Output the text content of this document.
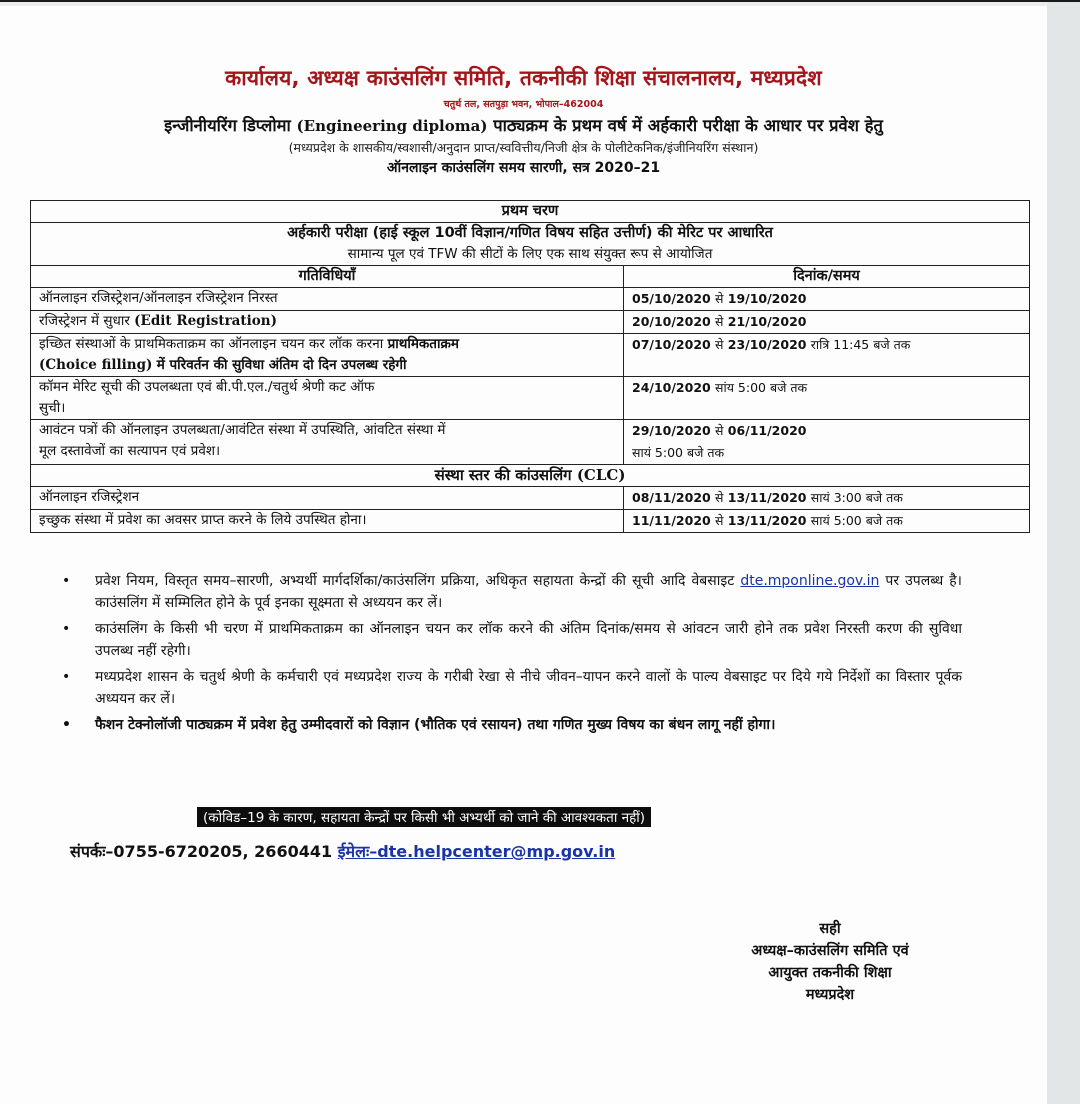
कार्यालय, अध्यक्ष काउंसलिंग समिति, तकनीकी शिक्षा संचालनालय, मध्यप्रदेश
चतुर्थ तल, सतपुड़ा भवन, भोपाल–462004
इन्जीनीयरिंग डिप्लोमा (Engineering diploma) पाठ्यक्रम के प्रथम वर्ष में अर्हकारी परीक्षा के आधार पर प्रवेश हेतु
(मध्यप्रदेश के शासकीय/स्वशासी/अनुदान प्राप्त/स्ववित्तीय/निजी क्षेत्र के पोलीटेकनिक/इंजीनियरिंग संस्थान)
ऑनलाइन काउंसलिंग समय सारणी, सत्र 2020–21
प्रथम चरण	

अर्हकारी परीक्षा (हाई स्कूल 10वीं विज्ञान/गणित विषय सहित उत्तीर्ण) की मेरिट पर आधारित
सामान्य पूल एवं TFW की सीटों के लिए एक साथ संयुक्त रूप से आयोजित	

गतिविधियॉं	दिनांक/समय
ऑनलाइन रजिस्ट्रेशन/ऑनलाइन रजिस्ट्रेशन निरस्त	05/10/2020 से 19/10/2020
रजिस्ट्रेशन में सुधार (Edit Registration)	20/10/2020 से 21/10/2020
इच्छित संस्थाओं के प्राथमिकताक्रम का ऑनलाइन चयन कर लॉक करना प्राथमिकताक्रम
(Choice filling) में परिवर्तन की सुविधा अंतिम दो दिन उपलब्ध रहेगी	07/10/2020 से 23/10/2020 रात्रि 11:45 बजे तक
कॉमन मेरिट सूची की उपलब्धता एवं बी.पी.एल./चतुर्थ श्रेणी कट ऑफ
सुची।	24/10/2020 सांय 5:00 बजे तक
आवंटन पत्रों की ऑनलाइन उपलब्धता/आवंटित संस्था में उपस्थिति, आंवटित संस्था में
मूल दस्तावेजों का सत्यापन एवं प्रवेश।	29/10/2020 से 06/11/2020
सायं 5:00 बजे तक
संस्था स्तर की कांउसलिंग (CLC)	
ऑनलाइन रजिस्ट्रेशन	08/11/2020 से 13/11/2020 सायं 3:00 बजे तक
इच्छुक संस्था में प्रवेश का अवसर प्राप्त करने के लिये उपस्थित होना।	11/11/2020 से 13/11/2020 सायं 5:00 बजे तक
• प्रवेश नियम, विस्तृत समय–सारणी, अभ्यर्थी मार्गदर्शिका/काउंसलिंग प्रक्रिया, अधिकृत सहायता केन्द्रों की सूची आदि वेबसाइट dte.mponline.gov.in पर उपलब्ध है। काउंसलिंग में सम्मिलित होने के पूर्व इनका सूक्ष्मता से अध्ययन कर लें।
• काउंसलिंग के किसी भी चरण में प्राथमिकताक्रम का ऑनलाइन चयन कर लॉक करने की अंतिम दिनांक/समय से आंवटन जारी होने तक प्रवेश निरस्ती करण की सुविधा उपलब्ध नहीं रहेगी।
• मध्यप्रदेश शासन के चतुर्थ श्रेणी के कर्मचारी एवं मध्यप्रदेश राज्य के गरीबी रेखा से नीचे जीवन–यापन करने वालों के पाल्य वेबसाइट पर दिये गये निर्देशों का विस्तार पूर्वक अध्ययन कर लें।
• फैशन टेक्नोलॉजी पाठ्यक्रम में प्रवेश हेतु उम्मीदवारों को विज्ञान (भौतिक एवं रसायन) तथा गणित मुख्य विषय का बंधन लागू नहीं होगा।
(कोविड–19 के कारण, सहायता केन्द्रों पर किसी भी अभ्यर्थी को जाने की आवश्यकता नहीं)
संपर्कः–0755-6720205, 2660441 ईमेलः–dte.helpcenter@mp.gov.in
सही
अध्यक्ष–काउंसलिंग समिति एवं
आयुक्त तकनीकी शिक्षा
मध्यप्रदेश
